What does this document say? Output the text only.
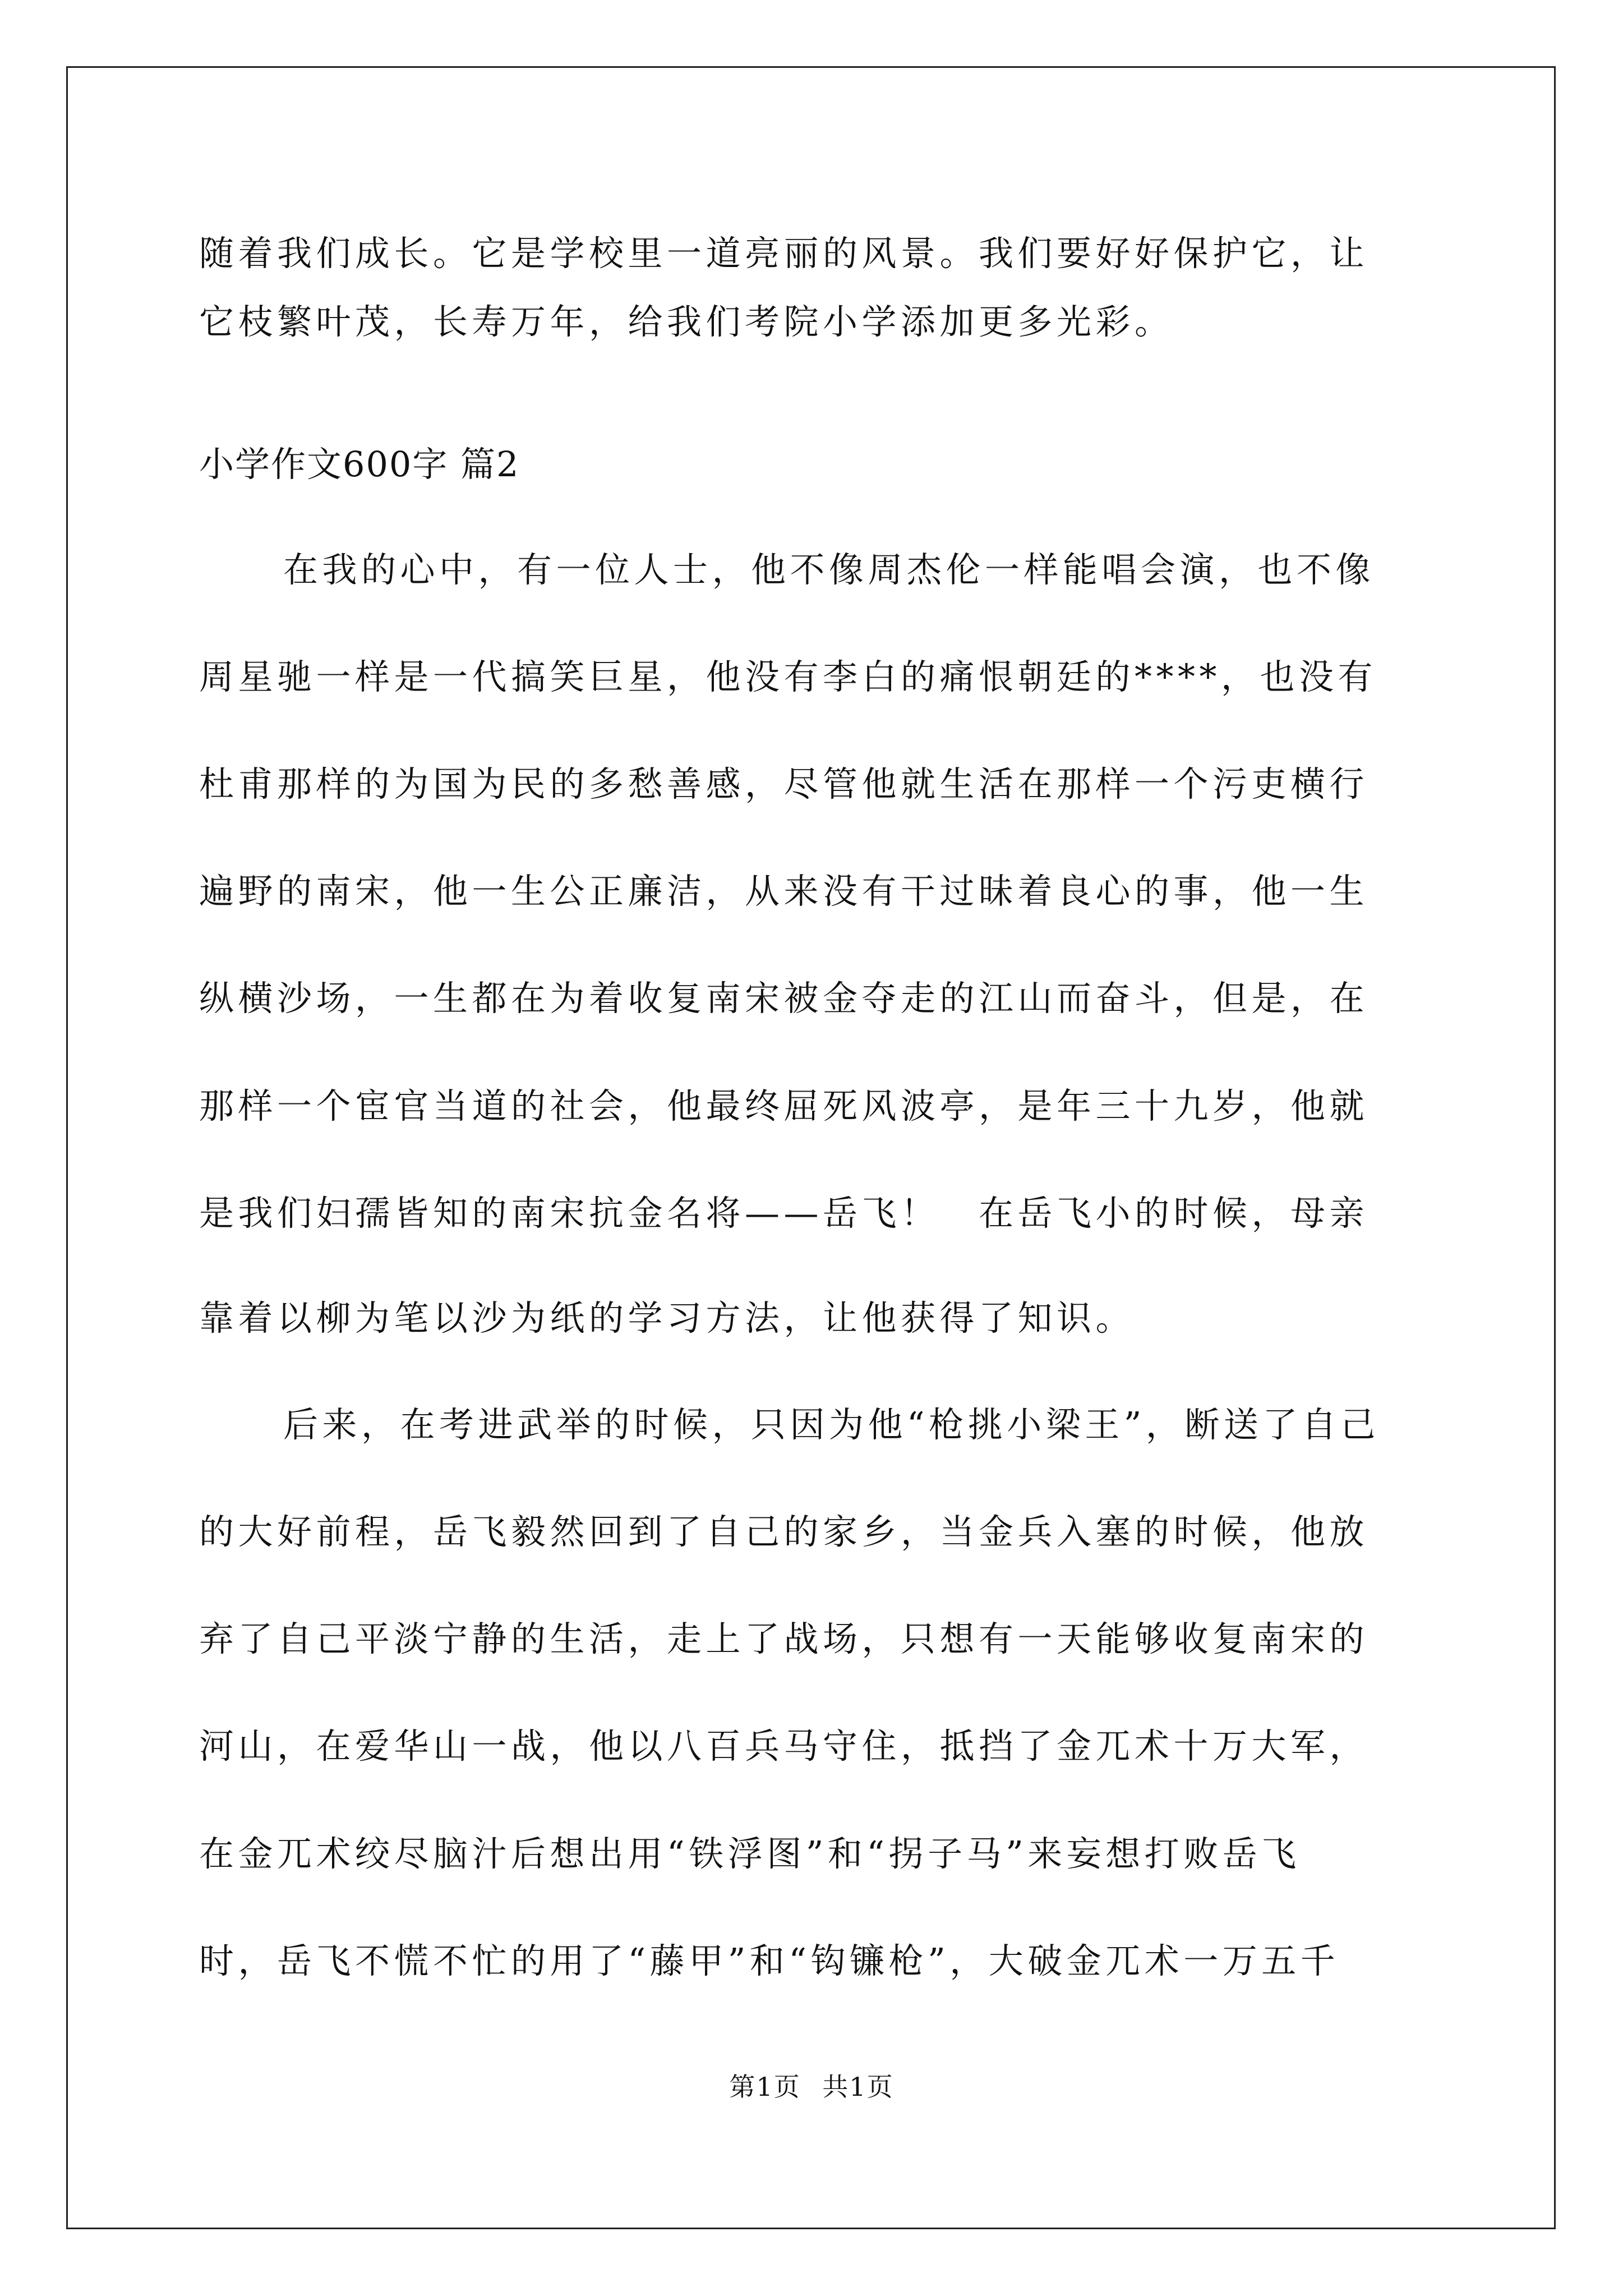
随着我们成长。它是学校里一道亮丽的风景。我们要好好保护它，让

它枝繁叶茂，长寿万年，给我们考院小学添加更多光彩。

小学作文600字 篇2

在我的心中，有一位人士，他不像周杰伦一样能唱会演，也不像

周星驰一样是一代搞笑巨星，他没有李白的痛恨朝廷的****，也没有

杜甫那样的为国为民的多愁善感，尽管他就生活在那样一个污吏横行

遍野的南宋，他一生公正廉洁，从来没有干过昧着良心的事，他一生

纵横沙场，一生都在为着收复南宋被金夺走的江山而奋斗，但是，在

那样一个宦官当道的社会，他最终屈死风波亭，是年三十九岁，他就

是我们妇孺皆知的南宋抗金名将——岳飞！　在岳飞小的时候，母亲

靠着以柳为笔以沙为纸的学习方法，让他获得了知识。

后来，在考进武举的时候，只因为他“枪挑小梁王”，断送了自己

的大好前程，岳飞毅然回到了自己的家乡，当金兵入塞的时候，他放

弃了自己平淡宁静的生活，走上了战场，只想有一天能够收复南宋的

河山，在爱华山一战，他以八百兵马守住，抵挡了金兀术十万大军，

在金兀术绞尽脑汁后想出用“铁浮图”和“拐子马”来妄想打败岳飞

时，岳飞不慌不忙的用了“藤甲”和“钩镰枪”，大破金兀术一万五千

第1页 共1页
